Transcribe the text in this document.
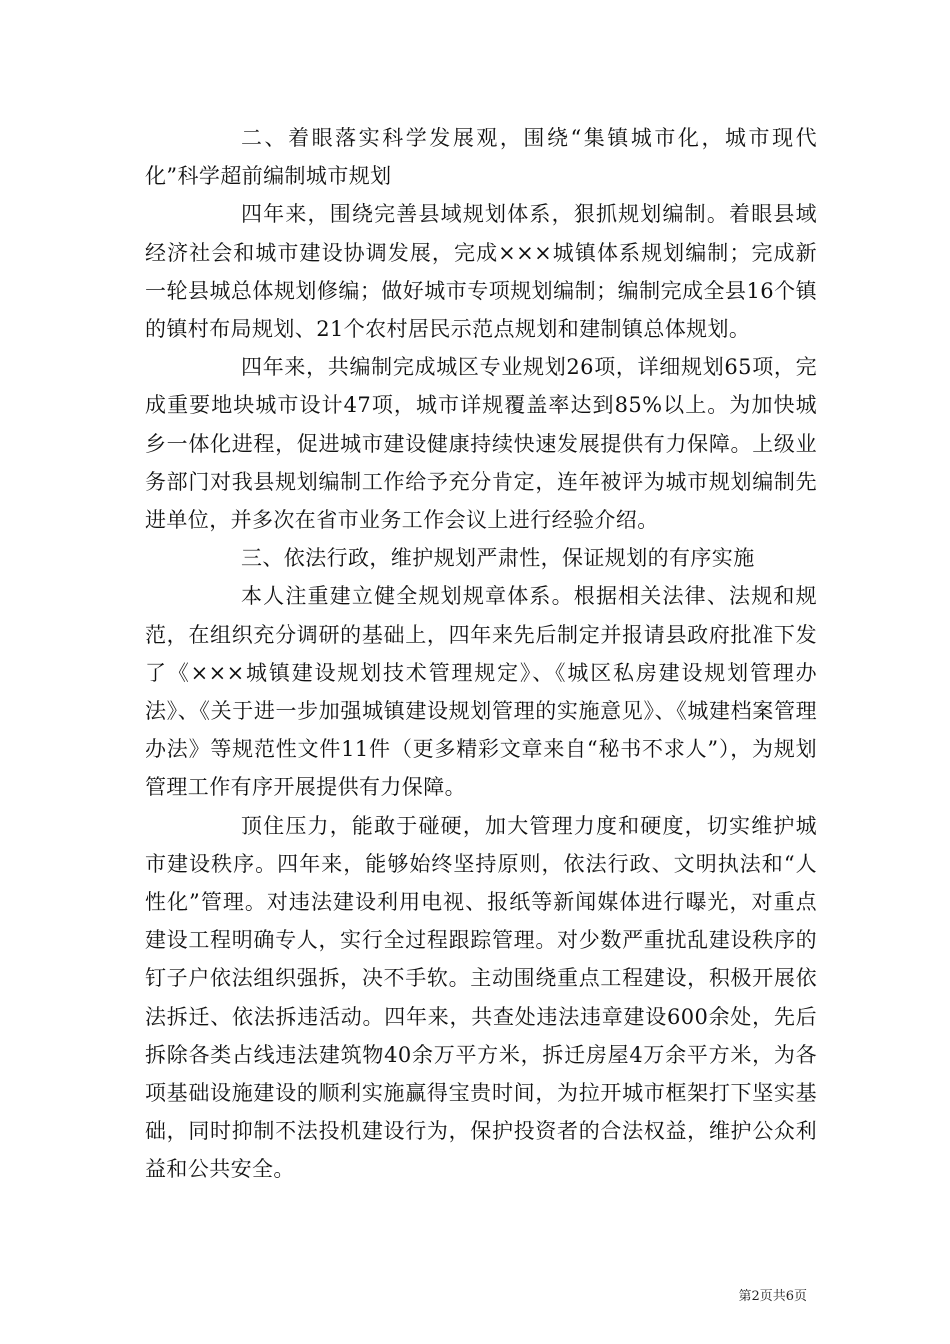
二、着眼落实科学发展观，围绕“集镇城市化，城市现代化”科学超前编制城市规划

四年来，围绕完善县域规划体系，狠抓规划编制。着眼县域经济社会和城市建设协调发展，完成×××城镇体系规划编制；完成新一轮县城总体规划修编；做好城市专项规划编制；编制完成全县16个镇的镇村布局规划、21个农村居民示范点规划和建制镇总体规划。

四年来，共编制完成城区专业规划26项，详细规划65项，完成重要地块城市设计47项，城市详规覆盖率达到85%以上。为加快城乡一体化进程，促进城市建设健康持续快速发展提供有力保障。上级业务部门对我县规划编制工作给予充分肯定，连年被评为城市规划编制先进单位，并多次在省市业务工作会议上进行经验介绍。

三、依法行政，维护规划严肃性，保证规划的有序实施

本人注重建立健全规划规章体系。根据相关法律、法规和规范，在组织充分调研的基础上，四年来先后制定并报请县政府批准下发了《×××城镇建设规划技术管理规定》、《城区私房建设规划管理办法》、《关于进一步加强城镇建设规划管理的实施意见》、《城建档案管理办法》等规范性文件11件（更多精彩文章来自“秘书不求人”），为规划管理工作有序开展提供有力保障。

顶住压力，能敢于碰硬，加大管理力度和硬度，切实维护城市建设秩序。四年来，能够始终坚持原则，依法行政、文明执法和“人性化”管理。对违法建设利用电视、报纸等新闻媒体进行曝光，对重点建设工程明确专人，实行全过程跟踪管理。对少数严重扰乱建设秩序的钉子户依法组织强拆，决不手软。主动围绕重点工程建设，积极开展依法拆迁、依法拆违活动。四年来，共查处违法违章建设600余处，先后拆除各类占线违法建筑物40余万平方米，拆迁房屋4万余平方米，为各项基础设施建设的顺利实施赢得宝贵时间，为拉开城市框架打下坚实基础，同时抑制不法投机建设行为，保护投资者的合法权益，维护公众利益和公共安全。

第2页共6页
